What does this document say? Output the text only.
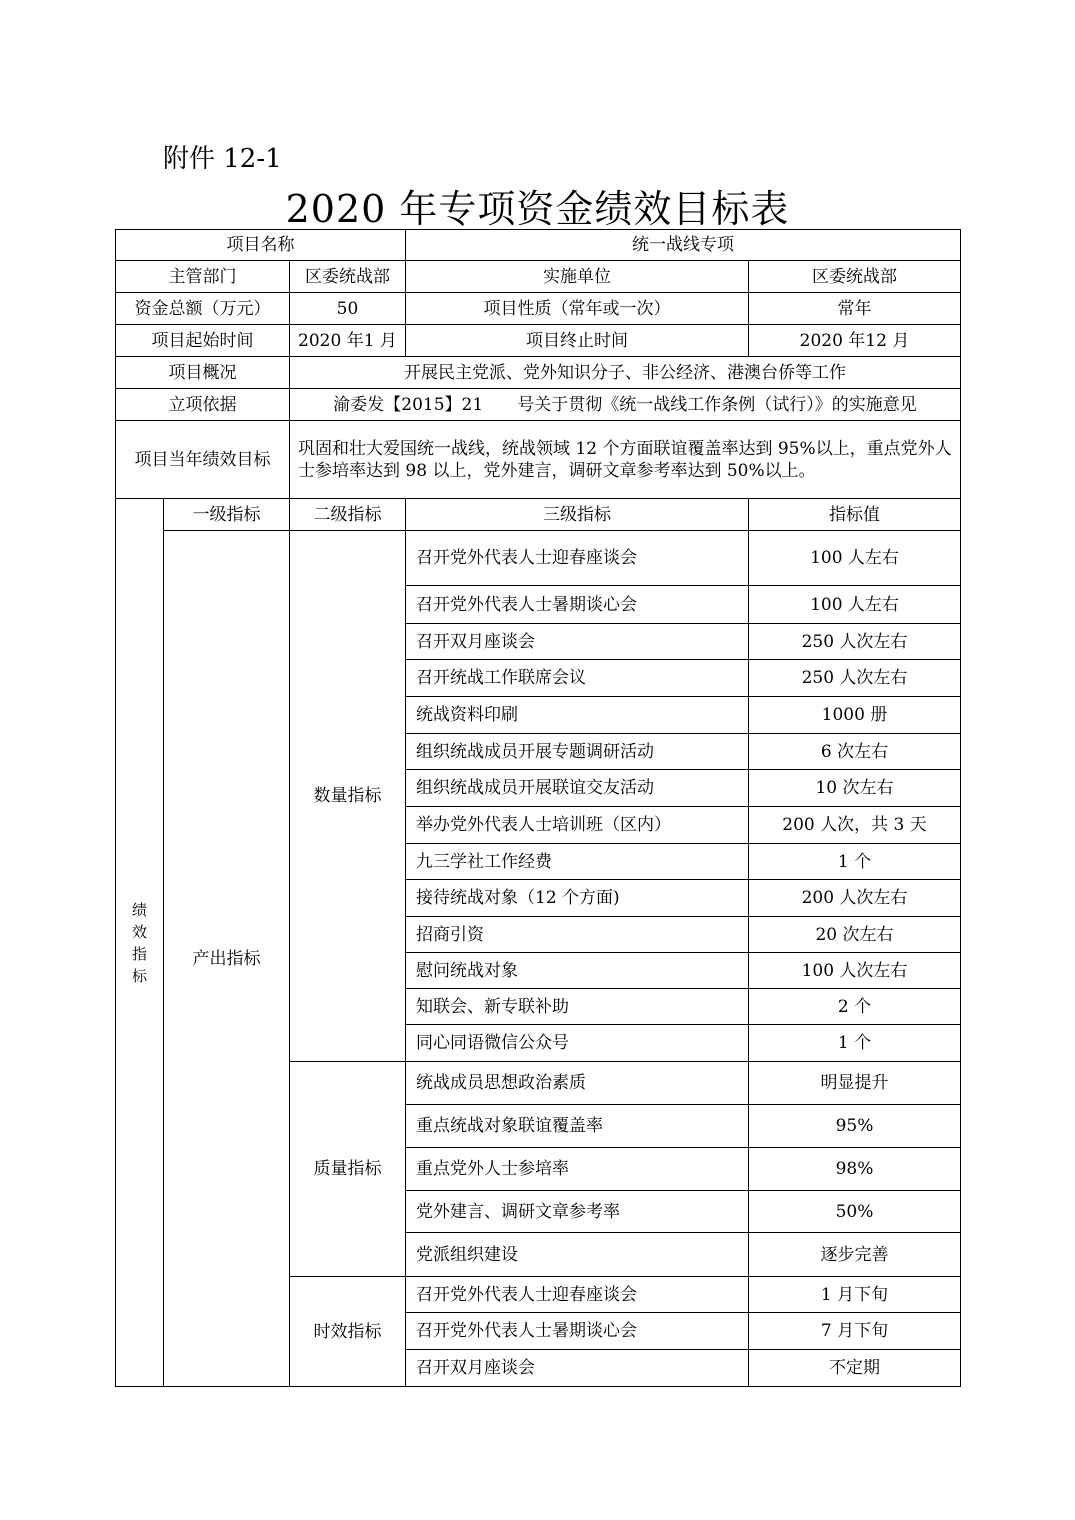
附件 12-1
2020 年专项资金绩效目标表
项目名称			统一战线专项	
主管部门		区委统战部	实施单位	区委统战部
资金总额（万元）		50	项目性质（常年或一次）	常年
项目起始时间		2020 年1 月	项目终止时间	2020 年12 月
项目概况		开展民主党派、党外知识分子、非公经济、港澳台侨等工作		
立项依据		渝委发【2015】21　　号关于贯彻《统一战线工作条例（试行）》的实施意见		
项目当年绩效目标		巩固和壮大爱国统一战线，统战领域 12 个方面联谊覆盖率达到 95%以上，重点党外人士参培率达到 98 以上，党外建言，调研文章参考率达到 50%以上。		
绩效指标	一级指标	二级指标	三级指标	指标值
	产出指标	数量指标	召开党外代表人士迎春座谈会	100 人左右
			召开党外代表人士暑期谈心会	100 人左右
			召开双月座谈会	250 人次左右
			召开统战工作联席会议	250 人次左右
			统战资料印刷	1000 册
			组织统战成员开展专题调研活动	6 次左右
			组织统战成员开展联谊交友活动	10 次左右
			举办党外代表人士培训班（区内）	200 人次，共 3 天
			九三学社工作经费	1 个
			接待统战对象（12 个方面)	200 人次左右
			招商引资	20 次左右
			慰问统战对象	100 人次左右
			知联会、新专联补助	2 个
			同心同语微信公众号	1 个
		质量指标	统战成员思想政治素质	明显提升
			重点统战对象联谊覆盖率	95%
			重点党外人士参培率	98%
			党外建言、调研文章参考率	50%
			党派组织建设	逐步完善
		时效指标	召开党外代表人士迎春座谈会	1 月下旬
			召开党外代表人士暑期谈心会	7 月下旬
			召开双月座谈会	不定期
